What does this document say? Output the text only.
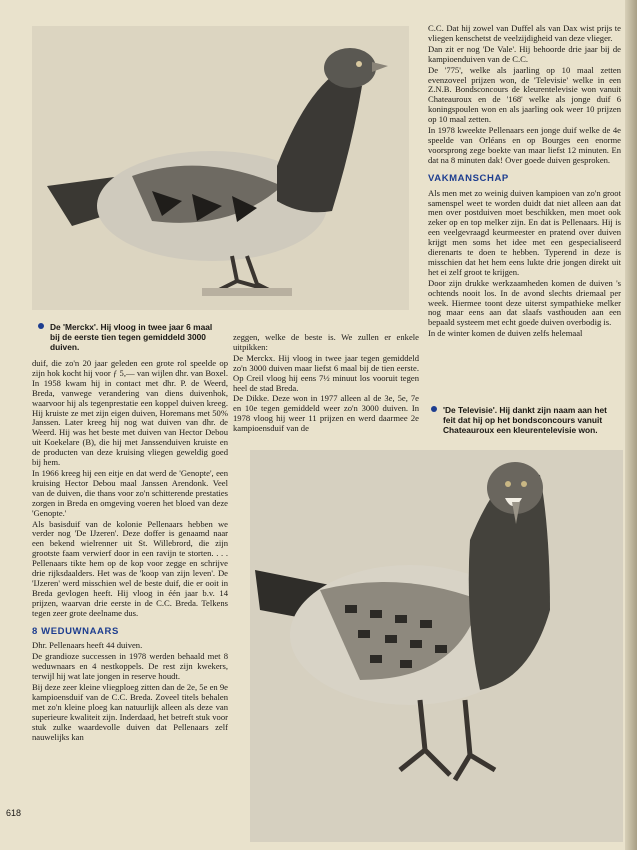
De 'Merckx'. Hij vloog in twee jaar 6 maal bij de eerste tien tegen gemiddeld 3000 duiven.

duif, die zo'n 20 jaar geleden een grote rol speelde op zijn hok kocht hij voor ƒ 5,— van wijlen dhr. van Boxel. In 1958 kwam hij in contact met dhr. P. de Weerd, Breda, vanwege verandering van diens duivenhok, waarvoor hij als tegenprestatie een koppel duiven kreeg. Hij kruiste ze met zijn eigen duiven, Horemans met 50% Janssen. Later kreeg hij nog wat duiven van dhr. de Weerd. Hij was het beste met duiven van Hector Debou uit Koekelare (B), die hij met Janssenduiven kruiste en de producten van deze kruising vliegen geweldig goed bij hem.

In 1966 kreeg hij een eitje en dat werd de 'Genopte', een kruising Hector Debou maal Janssen Arendonk. Veel van de duiven, die thans voor zo'n schitterende prestaties zorgen in Breda en omgeving voeren het bloed van deze 'Genopte.'

Als basisduif van de kolonie Pellenaars hebben we verder nog 'De IJzeren'. Deze doffer is genaamd naar een bekend wielrenner uit St. Willebrord, die zijn grootste faam verwierf door in een ravijn te storten. . . . Pellenaars tikte hem op de kop voor zegge en schrijve drie rijksdaalders. Het was de 'koop van zijn leven'. De 'IJzeren' werd misschien wel de beste duif, die er ooit in Breda gevlogen heeft. Hij vloog in één jaar b.v. 14 prijzen, waarvan drie eerste in de C.C. Breda. Telkens tegen zeer grote deelname dus.

8 WEDUWNAARS

Dhr. Pellenaars heeft 44 duiven.

De grandioze successen in 1978 werden behaald met 8 weduwnaars en 4 nestkoppels. De rest zijn kwekers, terwijl hij wat late jongen in reserve houdt.

Bij deze zeer kleine vliegploeg zitten dan de 2e, 5e en 9e kampioensduif van de C.C. Breda. Zoveel titels behalen met zo'n kleine ploeg kan natuurlijk alleen als deze van superieure kwaliteit zijn. Inderdaad, het betreft stuk voor stuk zulke waardevolle duiven dat Pellenaars zelf nauwelijks kan

zeggen, welke de beste is. We zullen er enkele uitpikken:

De Merckx. Hij vloog in twee jaar tegen gemiddeld zo'n 3000 duiven maar liefst 6 maal bij de tien eerste. Op Creil vloog hij eens 7½ minuut los vooruit tegen heel de stad Breda.

De Dikke. Deze won in 1977 alleen al de 3e, 5e, 7e en 10e tegen gemiddeld weer zo'n 3000 duiven. In 1978 vloog hij weer 11 prijzen en werd daarmee 2e kampioensduif van de

C.C. Dat hij zowel van Duffel als van Dax wist prijs te vliegen kenschetst de veelzijdigheid van deze vlieger.

Dan zit er nog 'De Vale'. Hij behoorde drie jaar bij de kampioenduiven van de C.C.

De '775', welke als jaarling op 10 maal zetten evenzoveel prijzen won, de 'Televisie' welke in een Z.N.B. Bondsconcours de kleurentelevisie won vanuit Chateauroux en de '168' welke als jonge duif 6 koningspoulen won en als jaarling ook weer 10 prijzen op 10 maal zetten.

In 1978 kweekte Pellenaars een jonge duif welke de 4e speelde van Orléans en op Bourges een enorme voorsprong zege boekte van maar liefst 12 minuten. En dat na 8 minuten dak! Over goede duiven gesproken.

VAKMANSCHAP

Als men met zo weinig duiven kampioen van zo'n groot samenspel weet te worden duidt dat niet alleen aan dat men over postduiven moet beschikken, men moet ook zeker op en top melker zijn. En dat is Pellenaars. Hij is een veelgevraagd keurmeester en pratend over duiven krijgt men soms het idee met een gespecialiseerd dierenarts te doen te hebben. Typerend in deze is misschien dat het hem eens lukte drie jongen direkt uit het ei zelf groot te krijgen.

Door zijn drukke werkzaamheden komen de duiven 's ochtends nooit los. In de avond slechts driemaal per week. Hiermee toont deze uiterst sympathieke melker nog maar eens aan dat slaafs vasthouden aan een bepaald systeem met echt goede duiven overbodig is.

In de winter komen de duiven zelfs helemaal

'De Televisie'. Hij dankt zijn naam aan het feit dat hij op het bondsconcours vanuit Chateauroux een kleurentelevisie won.
618
